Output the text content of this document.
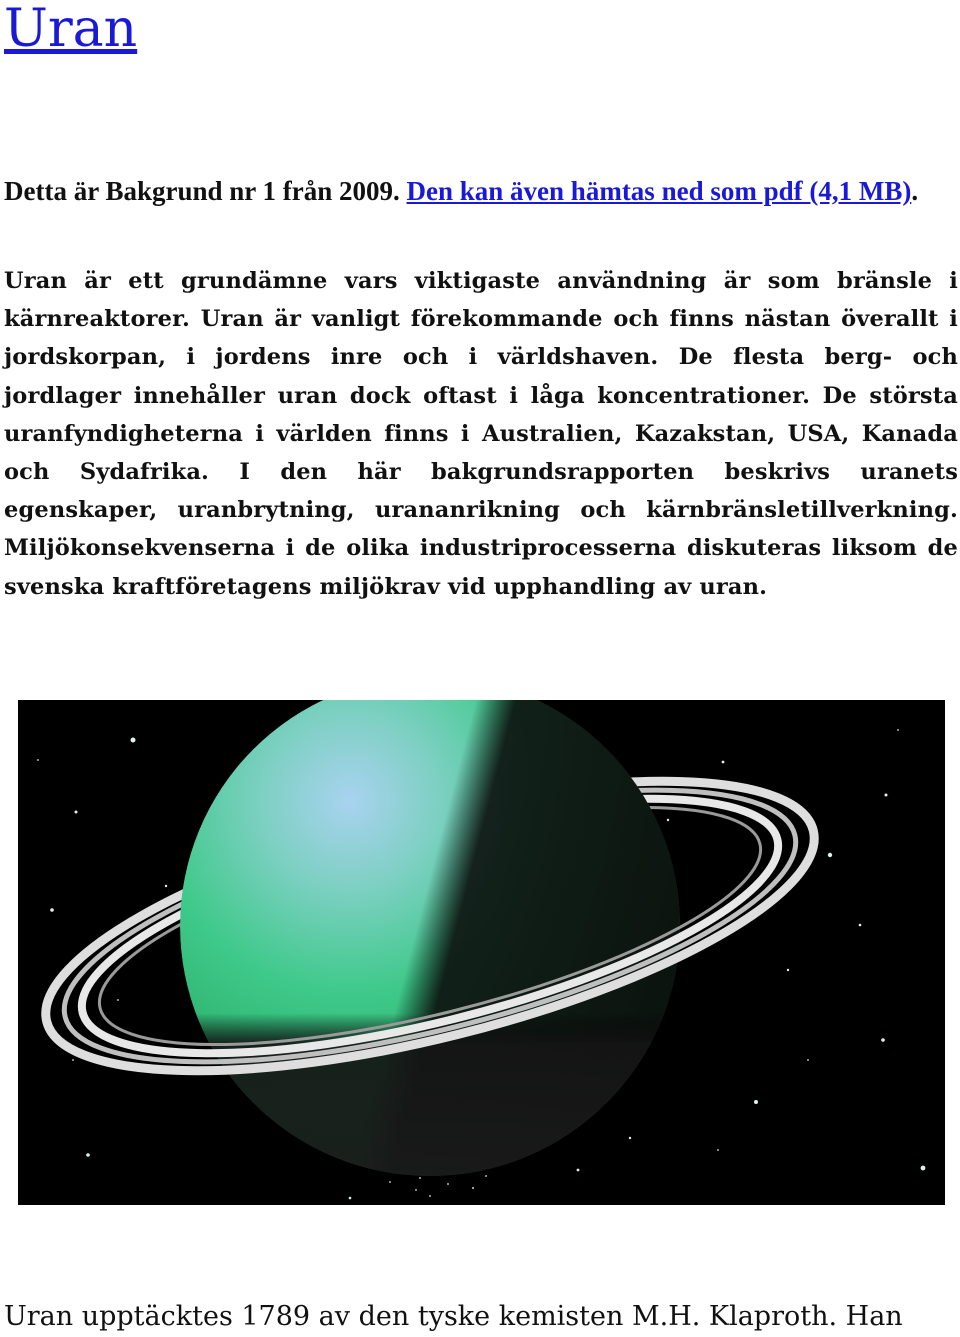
Uran

Detta är Bakgrund nr 1 från 2009. Den kan även hämtas ned som pdf (4,1 MB).

Uran är ett grundämne vars viktigaste användning är som bränsle i kärnreaktorer. Uran är vanligt förekommande och finns nästan överallt i jordskorpan, i jordens inre och i världshaven. De flesta berg- och jordlager innehåller uran dock oftast i låga koncentrationer. De största uranfyndigheterna i världen finns i Australien, Kazakstan, USA, Kanada och Sydafrika. I den här bakgrundsrapporten beskrivs uranets egenskaper, uranbrytning, urananrikning och kärnbränsletillverkning. Miljökonsekvenserna i de olika industriprocesserna diskuteras liksom de svenska kraftföretagens miljökrav vid upphandling av uran.

Uran upptäcktes 1789 av den tyske kemisten M.H. Klaproth. Han
